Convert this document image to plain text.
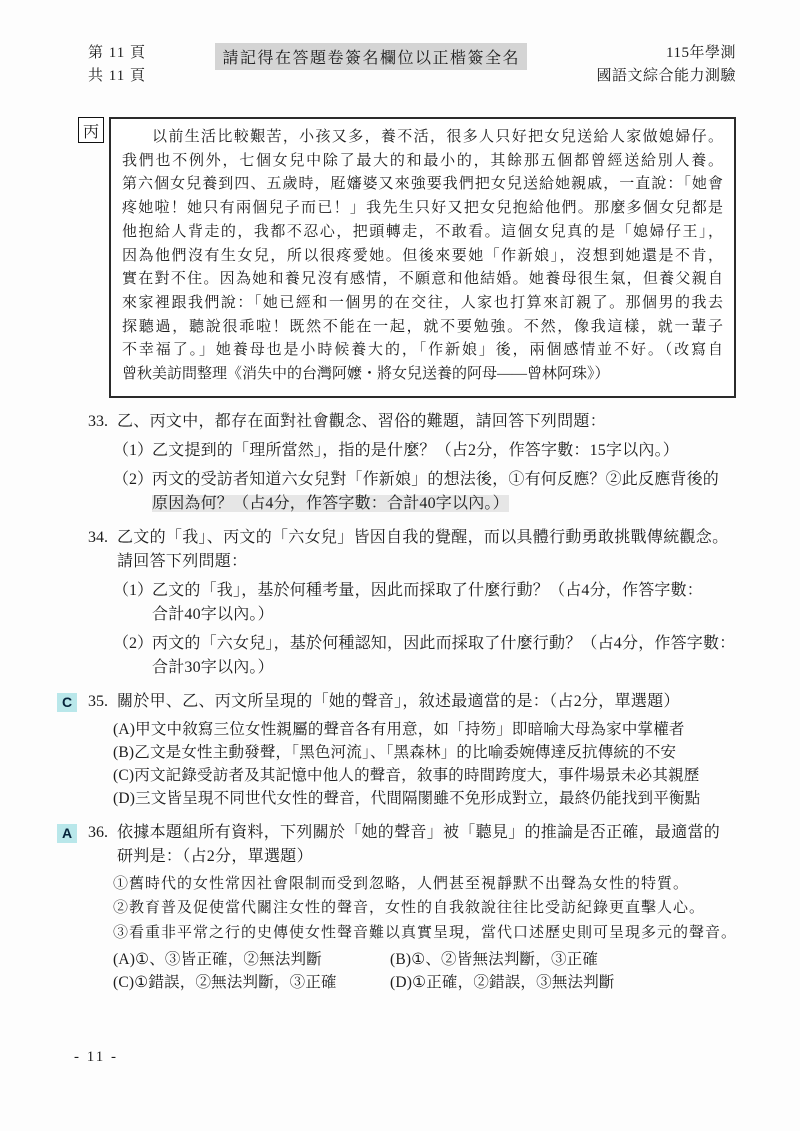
第 11 頁
共 11 頁
請記得在答題卷簽名欄位以正楷簽全名	115年學測
國語文綜合能力測驗
丙	以前生活比較艱苦，小孩又多，養不活，很多人只好把女兒送給人家做媳婦仔。
我們也不例外，七個女兒中除了最大的和最小的，其餘那五個都曾經送給別人養。
第六個女兒養到四、五歲時，屘嬸婆又來強要我們把女兒送給她親戚，一直說：「她會
疼她啦！她只有兩個兒子而已！」我先生只好又把女兒抱給他們。那麼多個女兒都是
他抱給人背走的，我都不忍心，把頭轉走，不敢看。這個女兒真的是「媳婦仔王」，
因為他們沒有生女兒，所以很疼愛她。但後來要她「作新娘」，沒想到她還是不肯，
實在對不住。因為她和養兄沒有感情，不願意和他結婚。她養母很生氣，但養父親自
來家裡跟我們說：「她已經和一個男的在交往，人家也打算來訂親了。那個男的我去
探聽過，聽說很乖啦！既然不能在一起，就不要勉強。不然，像我這樣，就一輩子
不幸福了。」她養母也是小時候養大的，「作新娘」後，兩個感情並不好。（改寫自
曾秋美訪問整理《消失中的台灣阿嬤・將女兒送養的阿母——曾林阿珠》）
33. 乙、丙文中，都存在面對社會觀念、習俗的難題，請回答下列問題：
（1）
乙文提到的「理所當然」，指的是什麼？（占2分，作答字數：15字以內。）
（2）
丙文的受訪者知道六女兒對「作新娘」的想法後，①有何反應？②此反應背後的
原因為何？（占4分，作答字數：合計40字以內。）
34. 乙文的「我」、丙文的「六女兒」皆因自我的覺醒，而以具體行動勇敢挑戰傳統觀念。
請回答下列問題：
（1）
乙文的「我」，基於何種考量，因此而採取了什麼行動？（占4分，作答字數：
合計40字以內。）
（2）
丙文的「六女兒」，基於何種認知，因此而採取了什麼行動？（占4分，作答字數：
合計30字以內。）
C 35. 關於甲、乙、丙文所呈現的「她的聲音」，敘述最適當的是：（占2分，單選題）
(A)甲文中敘寫三位女性親屬的聲音各有用意，如「持笏」即暗喻大母為家中掌權者
(B)乙文是女性主動發聲，「黑色河流」、「黑森林」的比喻委婉傳達反抗傳統的不安
(C)丙文記錄受訪者及其記憶中他人的聲音，敘事的時間跨度大，事件場景未必其親歷
(D)三文皆呈現不同世代女性的聲音，代間隔閡雖不免形成對立，最終仍能找到平衡點
A 36. 依據本題組所有資料，下列關於「她的聲音」被「聽見」的推論是否正確，最適當的
研判是：（占2分，單選題）
①舊時代的女性常因社會限制而受到忽略，人們甚至視靜默不出聲為女性的特質。
②教育普及促使當代關注女性的聲音，女性的自我敘說往往比受訪紀錄更直擊人心。
③看重非平常之行的史傳使女性聲音難以真實呈現，當代口述歷史則可呈現多元的聲音。
(A)①、③皆正確，②無法判斷	(B)①、②皆無法判斷，③正確
(C)①錯誤，②無法判斷，③正確	(D)①正確，②錯誤，③無法判斷
- 11 -
